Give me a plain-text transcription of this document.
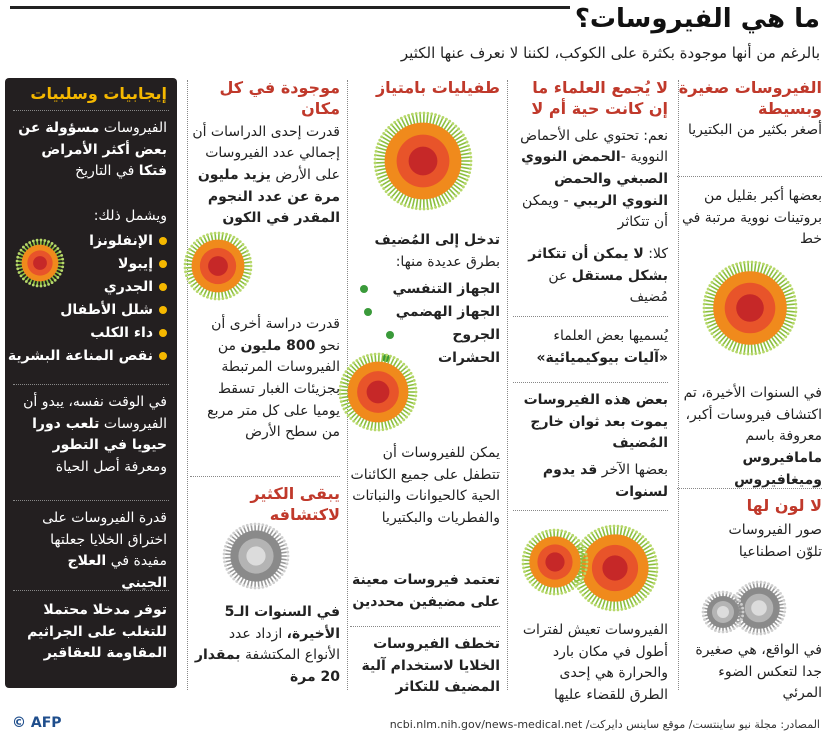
ما هي الفيروسات؟
بالرغم من أنها موجودة بكثرة على الكوكب، لكننا لا نعرف عنها الكثير
الفيروسات صغيرة وبسيطة
أصغر بكثير من البكتيريا
بعضها أكبر بقليل من بروتينات نووية مرتبة في خط
في السنوات الأخيرة، تم اكتشاف فيروسات أكبر، معروفة باسم مامافيروس وميغافيروس
لا لون لها
صور الفيروسات تلوّن اصطناعيا
في الواقع، هي صغيرة جدا لتعكس الضوء المرئي
لا يُجمع العلماء ما إن كانت حية أم لا
نعم: تحتوي على الأحماض النووية -الحمض النووي الصبغي والحمض النووي الريبي - ويمكن أن تتكاثر
كلا: لا يمكن أن تتكاثر بشكل مستقل عن مُضيف
يُسميها بعض العلماء «آليات بيوكيميائية»
بعض هذه الفيروسات يموت بعد ثوان خارج المُضيف
بعضها الآخر قد يدوم لسنوات
الفيروسات تعيش لفترات أطول في مكان بارد والحرارة هي إحدى الطرق للقضاء عليها
طفيليات بامتياز
تدخل إلى المُضيف
بطرق عديدة منها:
الجهاز التنفسي
الجهاز الهضمي
الجروح
الحشرات
يمكن للفيروسات أن تتطفل على جميع الكائنات الحية كالحيوانات والنباتات والفطريات والبكتيريا
تعتمد فيروسات معينة على مضيفين محددين
تخطف الفيروسات الخلايا لاستخدام آلية المضيف للتكاثر
موجودة في كل مكان
قدرت إحدى الدراسات أن إجمالي عدد الفيروسات على الأرض يزيد مليون مرة عن عدد النجوم المقدر في الكون
قدرت دراسة أخرى أن نحو 800 مليون من الفيروسات المرتبطة بجزيئات الغبار تسقط يوميا على كل متر مربع من سطح الأرض
يبقى الكثير لاكتشافه
في السنوات الـ5 الأخيرة، ازداد عدد الأنواع المكتشفة بمقدار 20 مرة
إيجابيات وسلبيات
الفيروسات مسؤولة عن بعض أكثر الأمراض فتكا في التاريخ
ويشمل ذلك:
الإنفلونزا
إيبولا
الجدري
شلل الأطفال
داء الكلب
نقص المناعة البشرية
في الوقت نفسه، يبدو أن الفيروسات تلعب دورا حيويا في التطور ومعرفة أصل الحياة
قدرة الفيروسات على اختراق الخلايا جعلتها مفيدة في العلاج الجيني
توفر مدخلا محتملا للتغلب على الجراثيم المقاومة للعقاقير
المصادر: مجلة نيو ساينتست/ موقع ساينس دايركت/ ncbi.nlm.nih.gov/news-medical.net
© AFP
